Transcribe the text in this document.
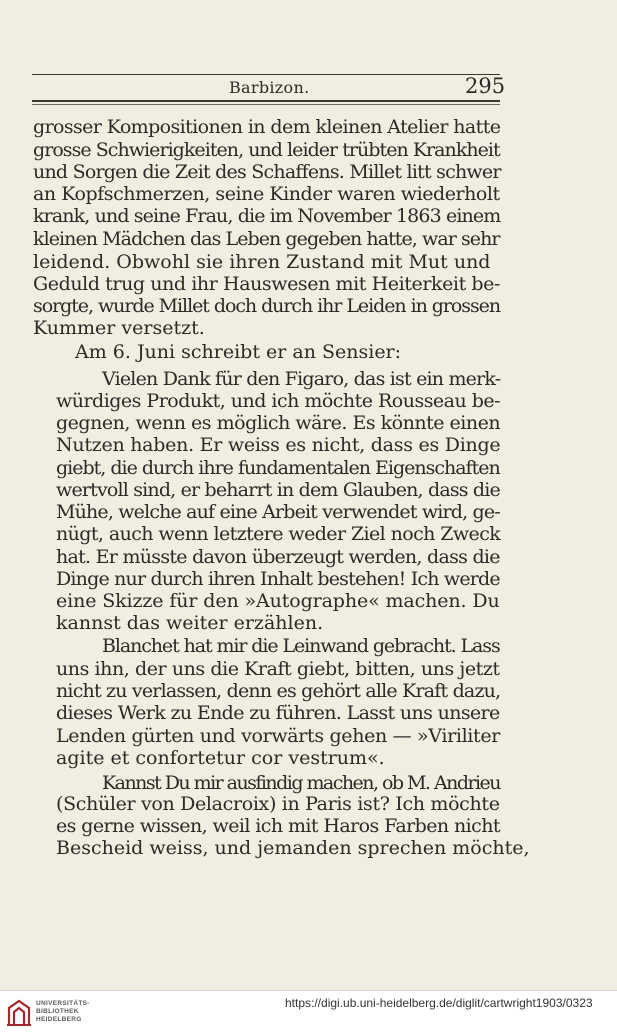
Barbizon.	295
grosser Kompositionen in dem kleinen Atelier hatte
grosse Schwierigkeiten, und leider trübten Krankheit
und Sorgen die Zeit des Schaffens. Millet litt schwer
an Kopfschmerzen, seine Kinder waren wiederholt
krank, und seine Frau, die im November 1863 einem
kleinen Mädchen das Leben gegeben hatte, war sehr
leidend. Obwohl sie ihren Zustand mit Mut und
Geduld trug und ihr Hauswesen mit Heiterkeit be-
sorgte, wurde Millet doch durch ihr Leiden in grossen
Kummer versetzt.
Am 6. Juni schreibt er an Sensier:
Vielen Dank für den Figaro, das ist ein merk-
würdiges Produkt, und ich möchte Rousseau be-
gegnen, wenn es möglich wäre. Es könnte einen
Nutzen haben. Er weiss es nicht, dass es Dinge
giebt, die durch ihre fundamentalen Eigenschaften
wertvoll sind, er beharrt in dem Glauben, dass die
Mühe, welche auf eine Arbeit verwendet wird, ge-
nügt, auch wenn letztere weder Ziel noch Zweck
hat. Er müsste davon überzeugt werden, dass die
Dinge nur durch ihren Inhalt bestehen! Ich werde
eine Skizze für den »Autographe« machen. Du
kannst das weiter erzählen.
Blanchet hat mir die Leinwand gebracht. Lass
uns ihn, der uns die Kraft giebt, bitten, uns jetzt
nicht zu verlassen, denn es gehört alle Kraft dazu,
dieses Werk zu Ende zu führen. Lasst uns unsere
Lenden gürten und vorwärts gehen — »Viriliter
agite et confortetur cor vestrum«.
Kannst Du mir ausfindig machen, ob M. Andrieu
(Schüler von Delacroix) in Paris ist? Ich möchte
es gerne wissen, weil ich mit Haros Farben nicht
Bescheid weiss, und jemanden sprechen möchte,
UNIVERSITÄTS-
BIBLIOTHEK
HEIDELBERG
https://digi.ub.uni-heidelberg.de/diglit/cartwright1903/0323
